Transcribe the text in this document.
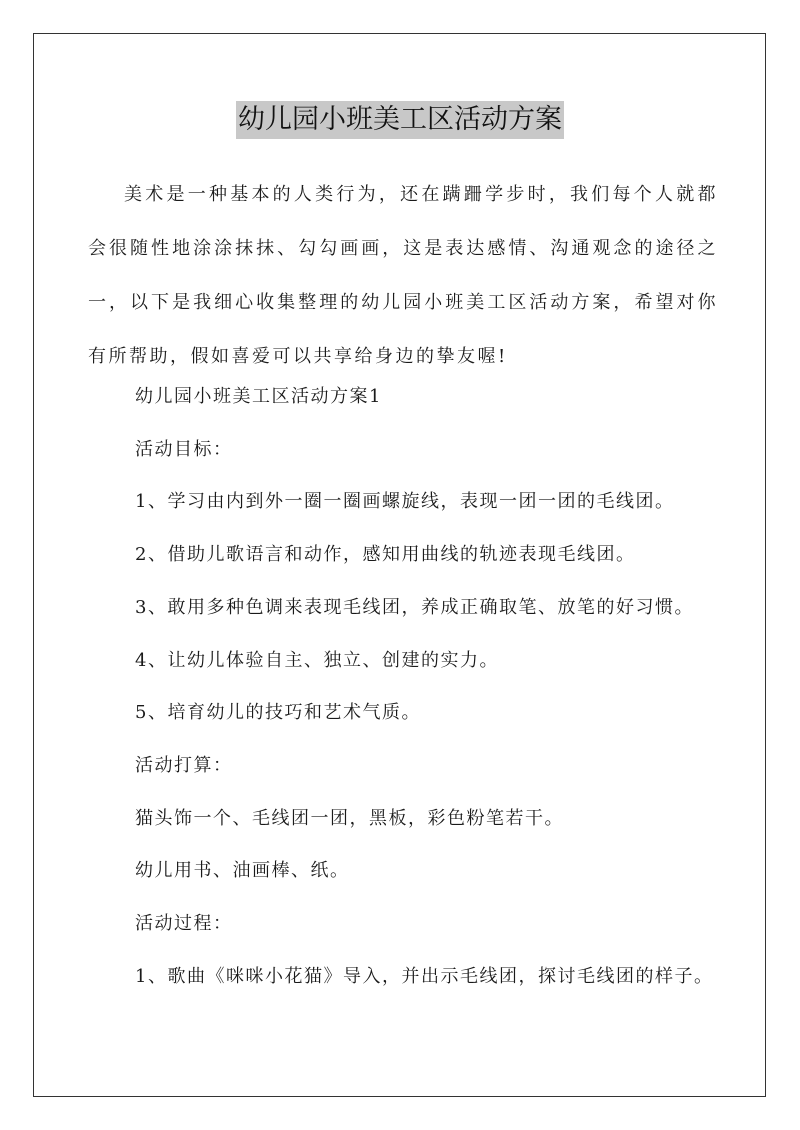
幼儿园小班美工区活动方案

美术是一种基本的人类行为，还在蹒跚学步时，我们每个人就都会很随性地涂涂抹抹、勾勾画画，这是表达感情、沟通观念的途径之一，以下是我细心收集整理的幼儿园小班美工区活动方案，希望对你有所帮助，假如喜爱可以共享给身边的挚友喔!

幼儿园小班美工区活动方案1

活动目标：

1、学习由内到外一圈一圈画螺旋线，表现一团一团的毛线团。

2、借助儿歌语言和动作，感知用曲线的轨迹表现毛线团。

3、敢用多种色调来表现毛线团，养成正确取笔、放笔的好习惯。

4、让幼儿体验自主、独立、创建的实力。

5、培育幼儿的技巧和艺术气质。

活动打算：

猫头饰一个、毛线团一团，黑板，彩色粉笔若干。

幼儿用书、油画棒、纸。

活动过程：

1、歌曲《咪咪小花猫》导入，并出示毛线团，探讨毛线团的样子。
